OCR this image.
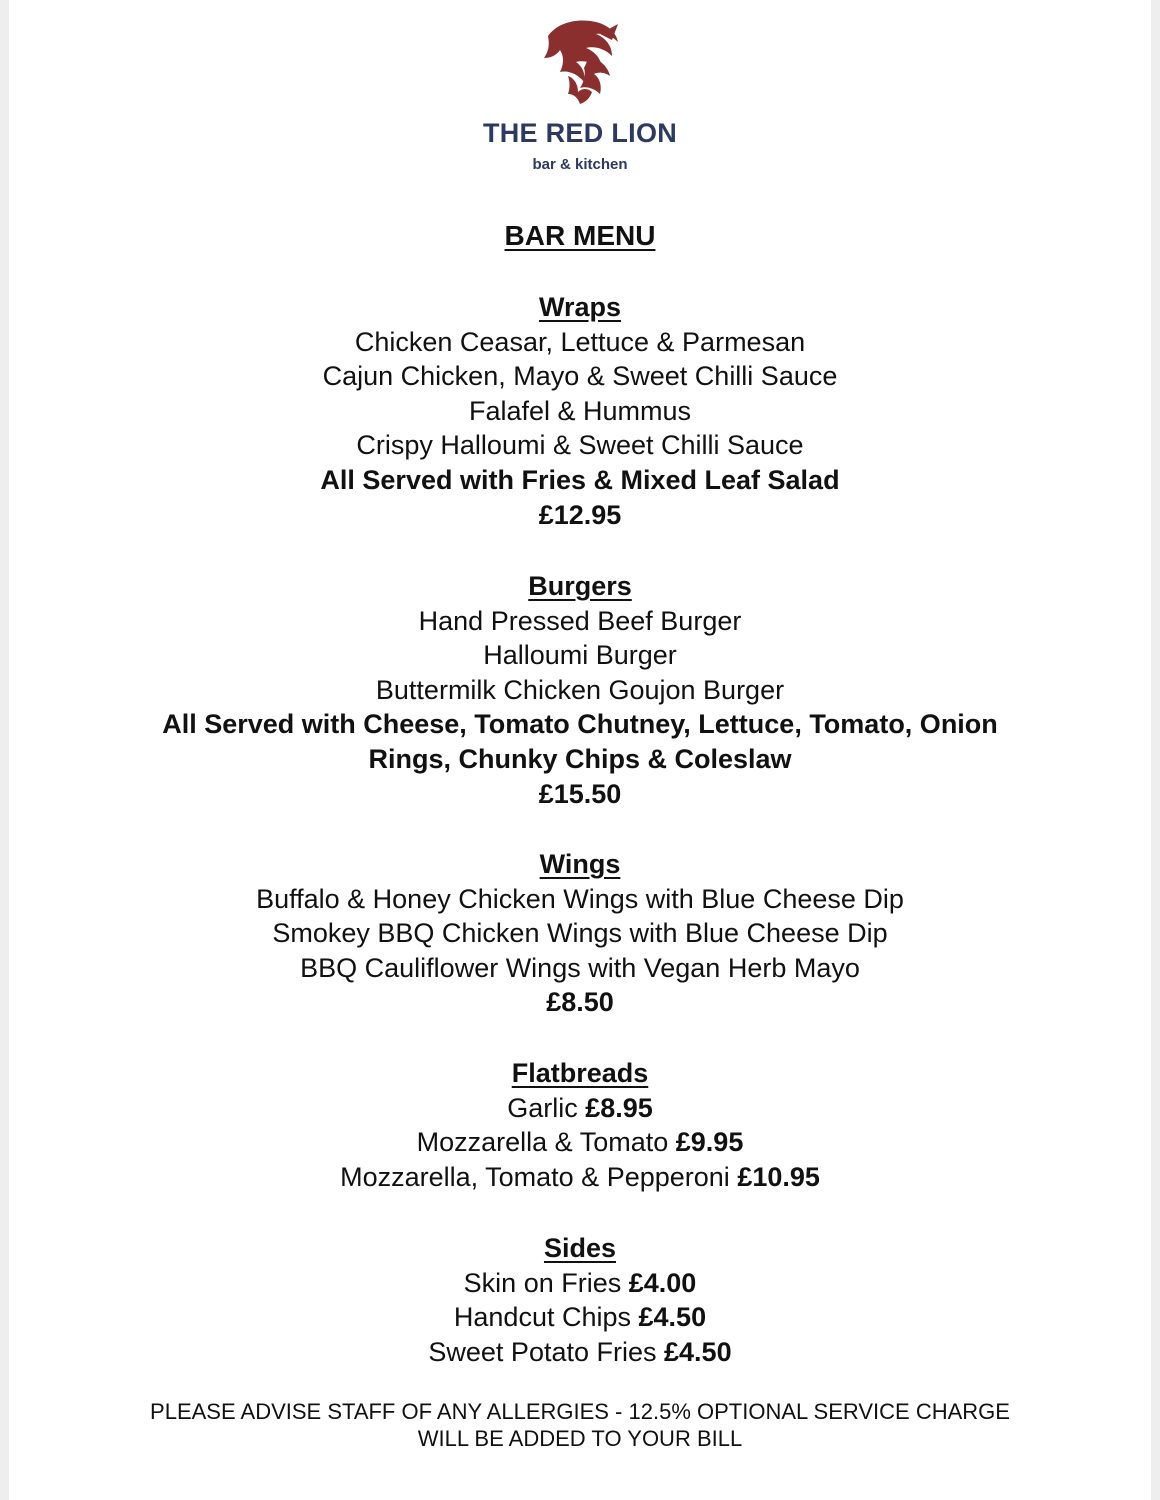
THE RED LION
bar & kitchen
BAR MENU
Wraps
Chicken Ceasar, Lettuce & Parmesan
Cajun Chicken, Mayo & Sweet Chilli Sauce
Falafel & Hummus
Crispy Halloumi & Sweet Chilli Sauce
All Served with Fries & Mixed Leaf Salad
£12.95
Burgers
Hand Pressed Beef Burger
Halloumi Burger
Buttermilk Chicken Goujon Burger
All Served with Cheese, Tomato Chutney, Lettuce, Tomato, Onion
Rings, Chunky Chips & Coleslaw
£15.50
Wings
Buffalo & Honey Chicken Wings with Blue Cheese Dip
Smokey BBQ Chicken Wings with Blue Cheese Dip
BBQ Cauliflower Wings with Vegan Herb Mayo
£8.50
Flatbreads
Garlic £8.95
Mozzarella & Tomato £9.95
Mozzarella, Tomato & Pepperoni £10.95
Sides
Skin on Fries £4.00
Handcut Chips £4.50
Sweet Potato Fries £4.50
PLEASE ADVISE STAFF OF ANY ALLERGIES - 12.5% OPTIONAL SERVICE CHARGE
WILL BE ADDED TO YOUR BILL
